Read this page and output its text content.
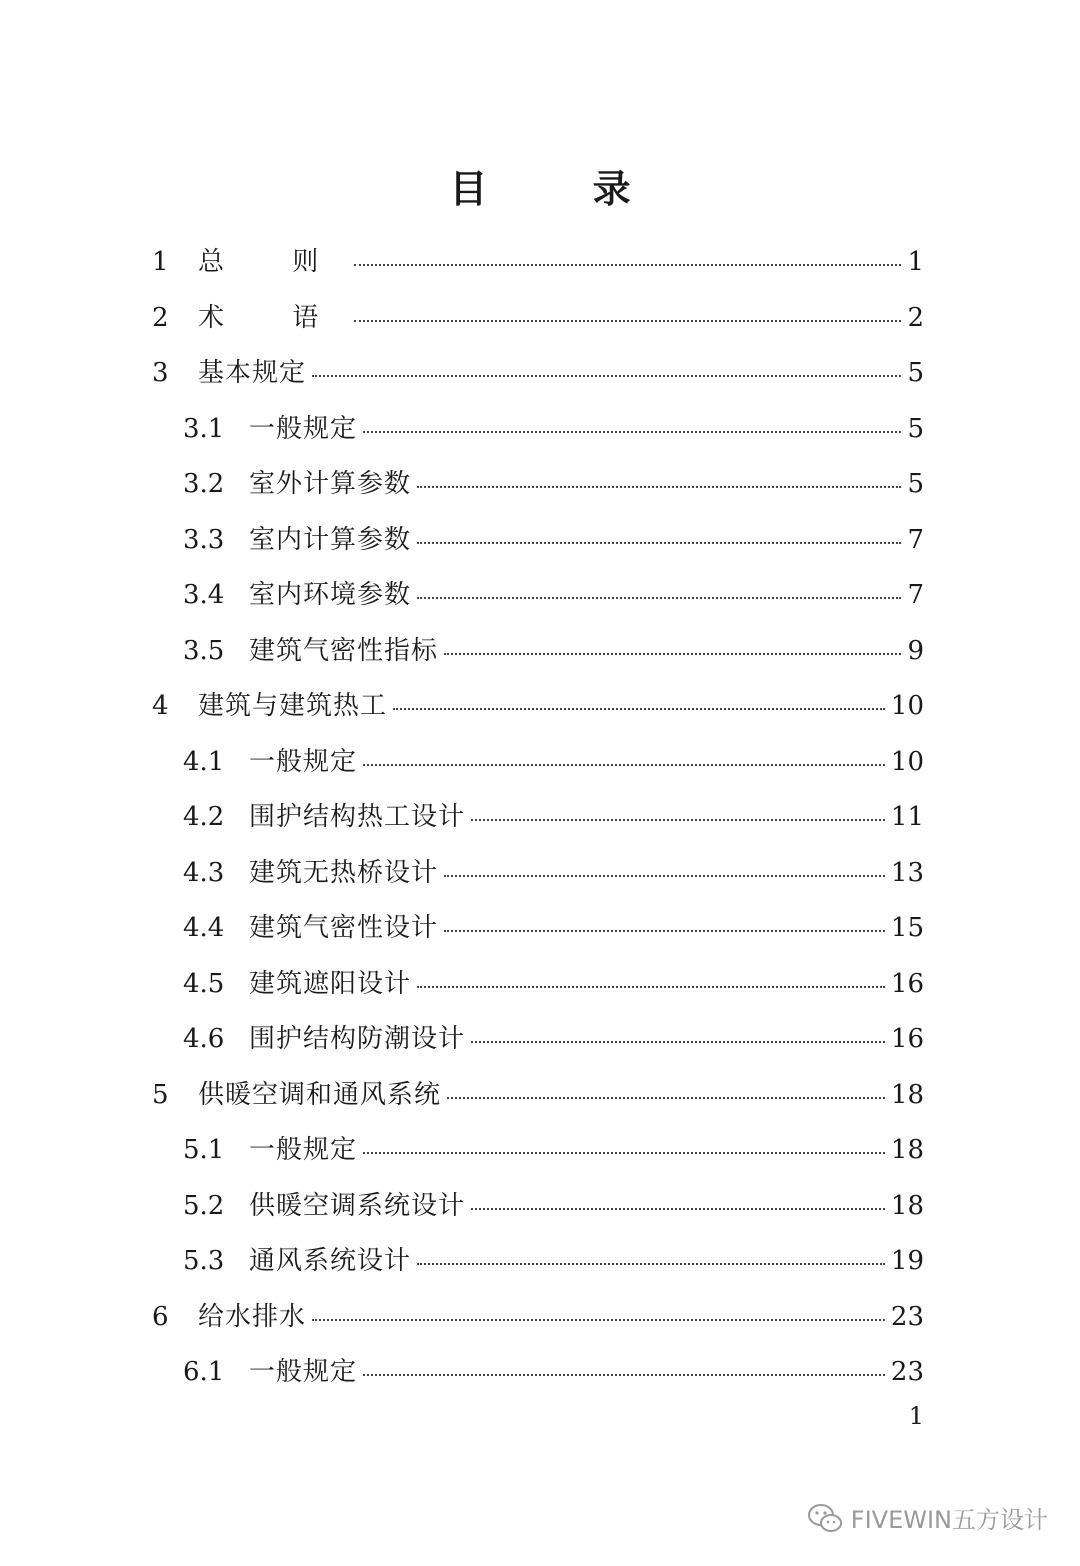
目 录
1	总 则	1
2	术 语	2
3	基本规定	5
3.1 一般规定	5
3.2 室外计算参数	5
3.3 室内计算参数	7
3.4 室内环境参数	7
3.5 建筑气密性指标	9
4	建筑与建筑热工	10
4.1 一般规定	10
4.2 围护结构热工设计	11
4.3 建筑无热桥设计	13
4.4 建筑气密性设计	15
4.5 建筑遮阳设计	16
4.6 围护结构防潮设计	16
5	供暖空调和通风系统	18
5.1 一般规定	18
5.2 供暖空调系统设计	18
5.3 通风系统设计	19
6	给水排水	23
6.1 一般规定	23
1
FIVEWIN五方设计
